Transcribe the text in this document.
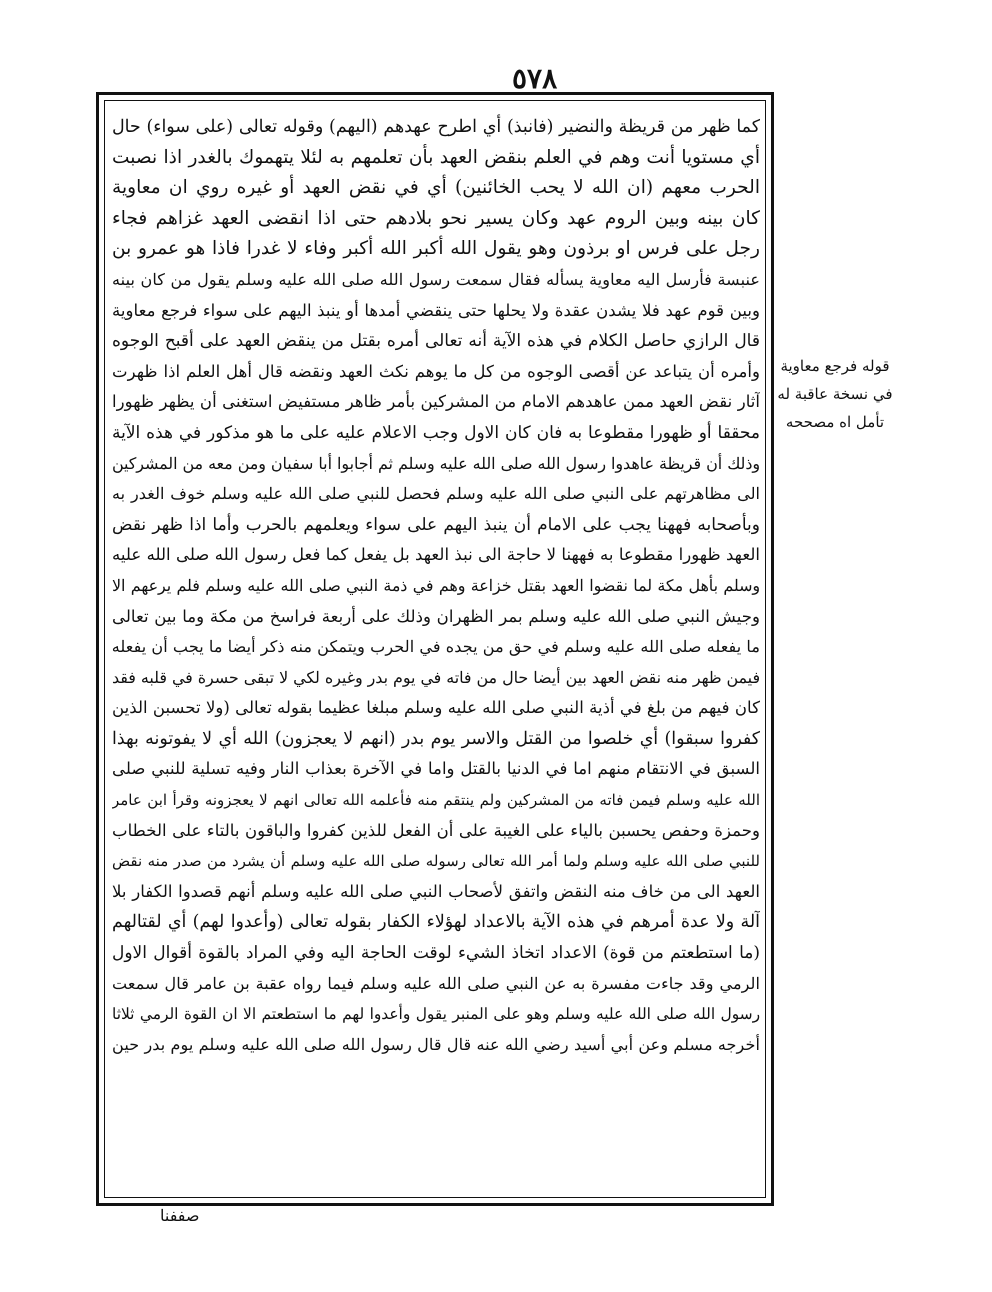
٥٧٨
كما ظهر من قريظة والنضير (فانبذ) أي اطرح عهدهم (اليهم) وقوله تعالى (على سواء) حال
أي مستويا أنت وهم في العلم بنقض العهد بأن تعلمهم به لئلا يتهموك بالغدر اذا نصبت
الحرب معهم (ان الله لا يحب الخائنين) أي في نقض العهد أو غيره روي ان معاوية
كان بينه وبين الروم عهد وكان يسير نحو بلادهم حتى اذا انقضى العهد غزاهم فجاء
رجل على فرس او برذون وهو يقول الله أكبر الله أكبر وفاء لا غدرا فاذا هو عمرو بن
عنبسة فأرسل اليه معاوية يسأله فقال سمعت رسول الله صلى الله عليه وسلم يقول من كان بينه
وبين قوم عهد فلا يشدن عقدة ولا يحلها حتى ينقضي أمدها أو ينبذ اليهم على سواء فرجع معاوية
قال الرازي حاصل الكلام في هذه الآية أنه تعالى أمره بقتل من ينقض العهد على أقبح الوجوه
وأمره أن يتباعد عن أقصى الوجوه من كل ما يوهم نكث العهد ونقضه قال أهل العلم اذا ظهرت
آثار نقض العهد ممن عاهدهم الامام من المشركين بأمر ظاهر مستفيض استغنى أن يظهر ظهورا
محققا أو ظهورا مقطوعا به فان كان الاول وجب الاعلام عليه على ما هو مذكور في هذه الآية
وذلك أن قريظة عاهدوا رسول الله صلى الله عليه وسلم ثم أجابوا أبا سفيان ومن معه من المشركين
الى مظاهرتهم على النبي صلى الله عليه وسلم فحصل للنبي صلى الله عليه وسلم خوف الغدر به
وبأصحابه فههنا يجب على الامام أن ينبذ اليهم على سواء ويعلمهم بالحرب وأما اذا ظهر نقض
العهد ظهورا مقطوعا به فههنا لا حاجة الى نبذ العهد بل يفعل كما فعل رسول الله صلى الله عليه
وسلم بأهل مكة لما نقضوا العهد بقتل خزاعة وهم في ذمة النبي صلى الله عليه وسلم فلم يرعهم الا
وجيش النبي صلى الله عليه وسلم بمر الظهران وذلك على أربعة فراسخ من مكة وما بين تعالى
ما يفعله صلى الله عليه وسلم في حق من يجده في الحرب ويتمكن منه ذكر أيضا ما يجب أن يفعله
فيمن ظهر منه نقض العهد بين أيضا حال من فاته في يوم بدر وغيره لكي لا تبقى حسرة في قلبه فقد
كان فيهم من بلغ في أذية النبي صلى الله عليه وسلم مبلغا عظيما بقوله تعالى (ولا تحسبن الذين
كفروا سبقوا) أي خلصوا من القتل والاسر يوم بدر (انهم لا يعجزون) الله أي لا يفوتونه بهذا
السبق في الانتقام منهم اما في الدنيا بالقتل واما في الآخرة بعذاب النار وفيه تسلية للنبي صلى
الله عليه وسلم فيمن فاته من المشركين ولم ينتقم منه فأعلمه الله تعالى انهم لا يعجزونه وقرأ ابن عامر
وحمزة وحفص يحسبن بالياء على الغيبة على أن الفعل للذين كفروا والباقون بالتاء على الخطاب
للنبي صلى الله عليه وسلم ولما أمر الله تعالى رسوله صلى الله عليه وسلم أن يشرد من صدر منه نقض
العهد الى من خاف منه النقض واتفق لأصحاب النبي صلى الله عليه وسلم أنهم قصدوا الكفار بلا
آلة ولا عدة أمرهم في هذه الآية بالاعداد لهؤلاء الكفار بقوله تعالى (وأعدوا لهم) أي لقتالهم
(ما استطعتم من قوة) الاعداد اتخاذ الشيء لوقت الحاجة اليه وفي المراد بالقوة أقوال الاول
الرمي وقد جاءت مفسرة به عن النبي صلى الله عليه وسلم فيما رواه عقبة بن عامر قال سمعت
رسول الله صلى الله عليه وسلم وهو على المنبر يقول وأعدوا لهم ما استطعتم الا ان القوة الرمي ثلاثا
أخرجه مسلم وعن أبي أسيد رضي الله عنه قال قال رسول الله صلى الله عليه وسلم يوم بدر حين
قوله فرجع معاوية
في نسخة عاقبة له
تأمل اه مصححه
صففنا
